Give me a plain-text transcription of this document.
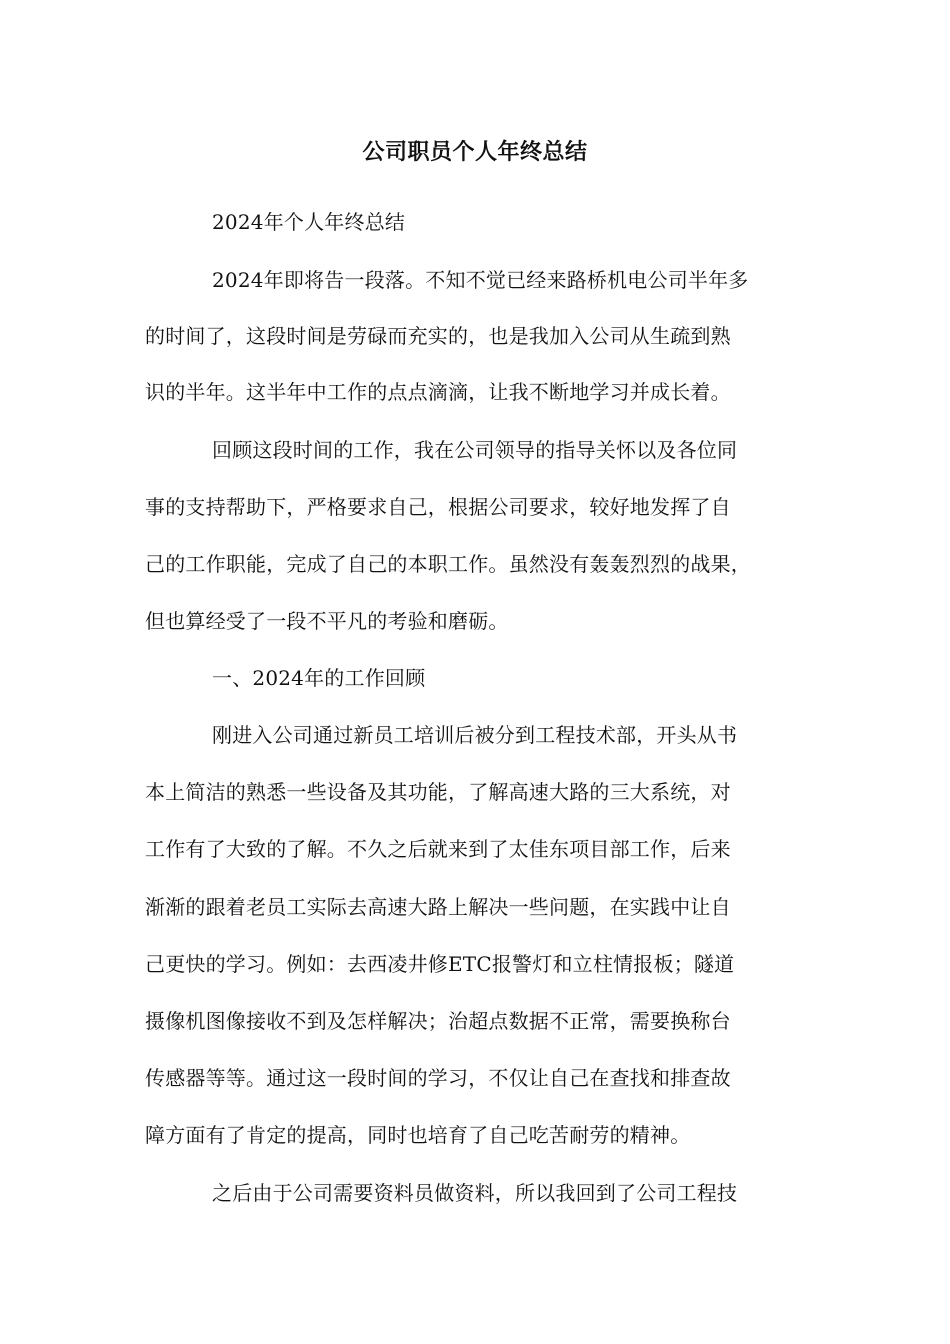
公司职员个人年终总结
2024年个人年终总结
2024年即将告一段落。不知不觉已经来路桥机电公司半年多
的时间了，这段时间是劳碌而充实的，也是我加入公司从生疏到熟
识的半年。这半年中工作的点点滴滴，让我不断地学习并成长着。
回顾这段时间的工作，我在公司领导的指导关怀以及各位同
事的支持帮助下，严格要求自己，根据公司要求，较好地发挥了自
己的工作职能，完成了自己的本职工作。虽然没有轰轰烈烈的战果，
但也算经受了一段不平凡的考验和磨砺。
一、2024年的工作回顾
刚进入公司通过新员工培训后被分到工程技术部，开头从书
本上简洁的熟悉一些设备及其功能，了解高速大路的三大系统，对
工作有了大致的了解。不久之后就来到了太佳东项目部工作，后来
渐渐的跟着老员工实际去高速大路上解决一些问题，在实践中让自
己更快的学习。例如：去西凌井修ETC报警灯和立柱情报板；隧道
摄像机图像接收不到及怎样解决；治超点数据不正常，需要换称台
传感器等等。通过这一段时间的学习，不仅让自己在查找和排查故
障方面有了肯定的提高，同时也培育了自己吃苦耐劳的精神。
之后由于公司需要资料员做资料，所以我回到了公司工程技
